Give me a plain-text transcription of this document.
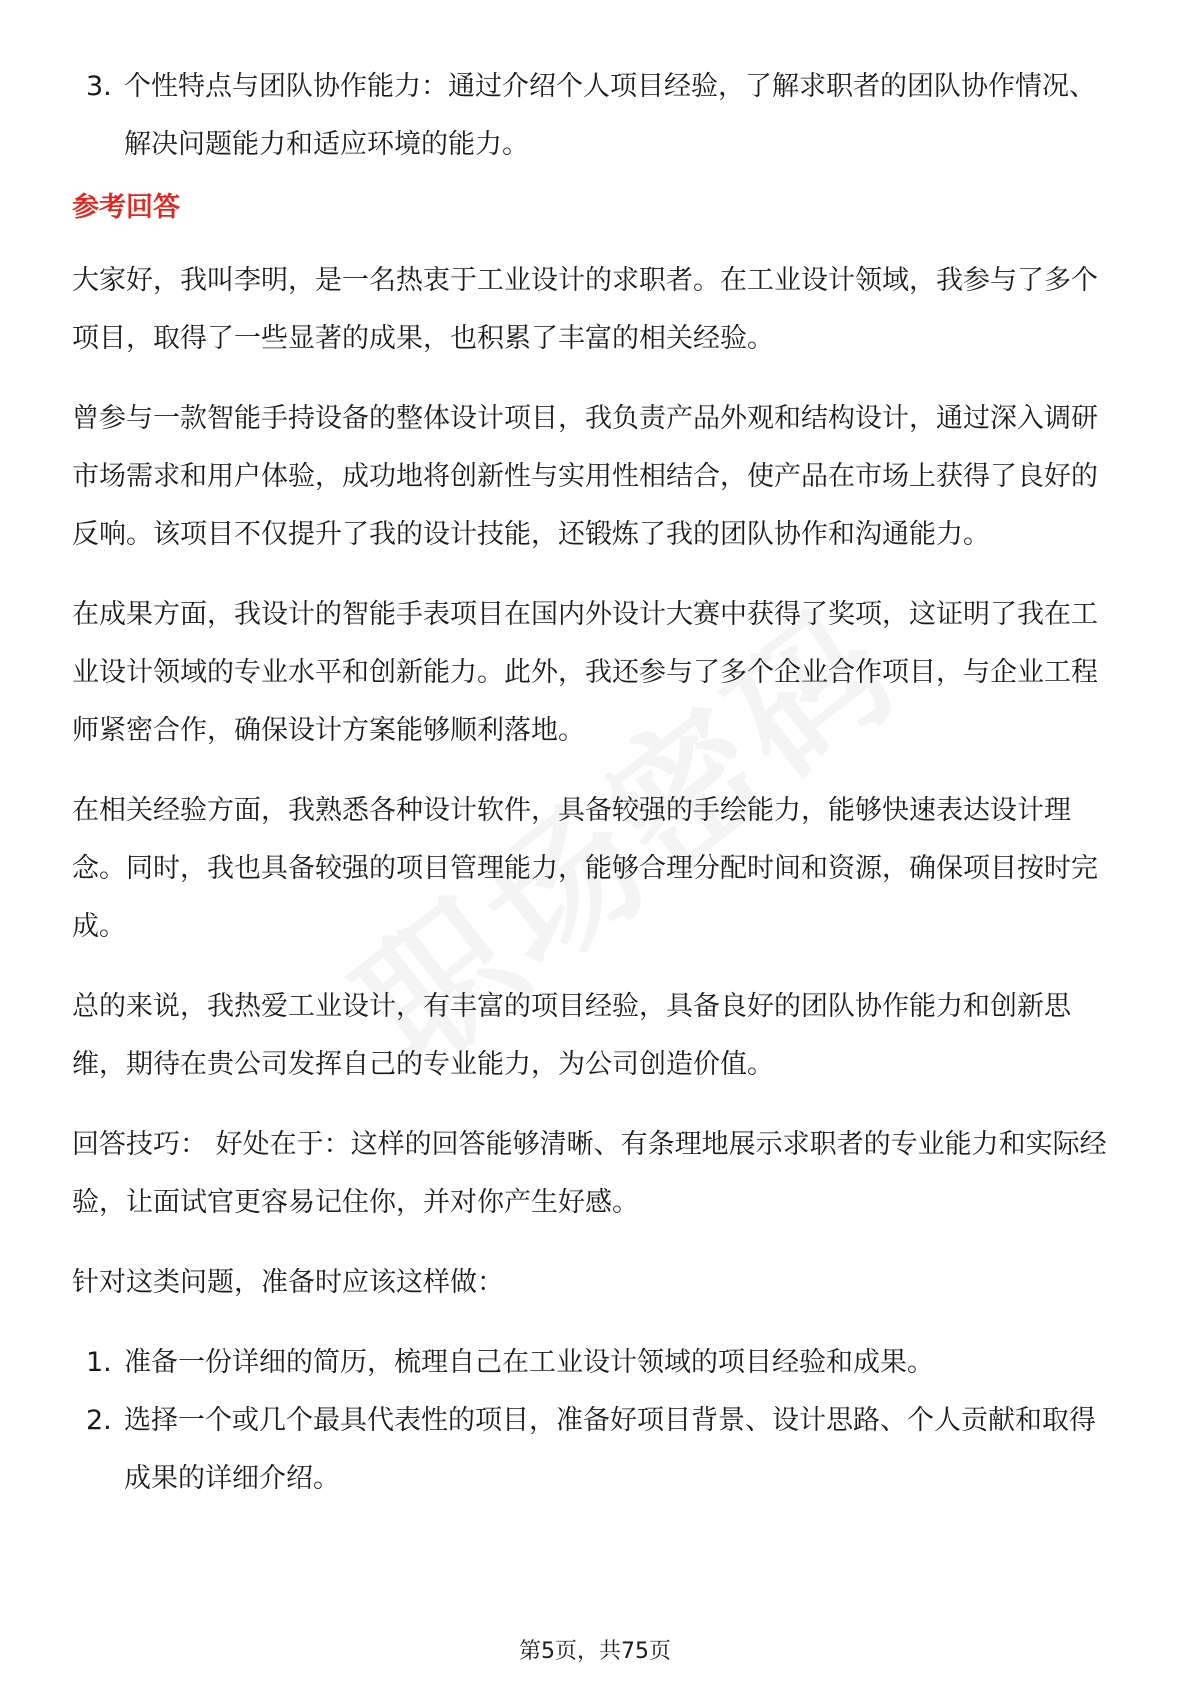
3. 个性特点与团队协作能力：通过介绍个人项目经验，了解求职者的团队协作情况、解决问题能力和适应环境的能力。

参考回答

大家好，我叫李明，是一名热衷于工业设计的求职者。在工业设计领域，我参与了多个项目，取得了一些显著的成果，也积累了丰富的相关经验。

曾参与一款智能手持设备的整体设计项目，我负责产品外观和结构设计，通过深入调研市场需求和用户体验，成功地将创新性与实用性相结合，使产品在市场上获得了良好的反响。该项目不仅提升了我的设计技能，还锻炼了我的团队协作和沟通能力。

在成果方面，我设计的智能手表项目在国内外设计大赛中获得了奖项，这证明了我在工业设计领域的专业水平和创新能力。此外，我还参与了多个企业合作项目，与企业工程师紧密合作，确保设计方案能够顺利落地。

在相关经验方面，我熟悉各种设计软件，具备较强的手绘能力，能够快速表达设计理念。同时，我也具备较强的项目管理能力，能够合理分配时间和资源，确保项目按时完成。

总的来说，我热爱工业设计，有丰富的项目经验，具备良好的团队协作能力和创新思维，期待在贵公司发挥自己的专业能力，为公司创造价值。

回答技巧： 好处在于：这样的回答能够清晰、有条理地展示求职者的专业能力和实际经验，让面试官更容易记住你，并对你产生好感。

针对这类问题，准备时应该这样做：

1. 准备一份详细的简历，梳理自己在工业设计领域的项目经验和成果。
2. 选择一个或几个最具代表性的项目，准备好项目背景、设计思路、个人贡献和取得成果的详细介绍。
第5页，共75页
